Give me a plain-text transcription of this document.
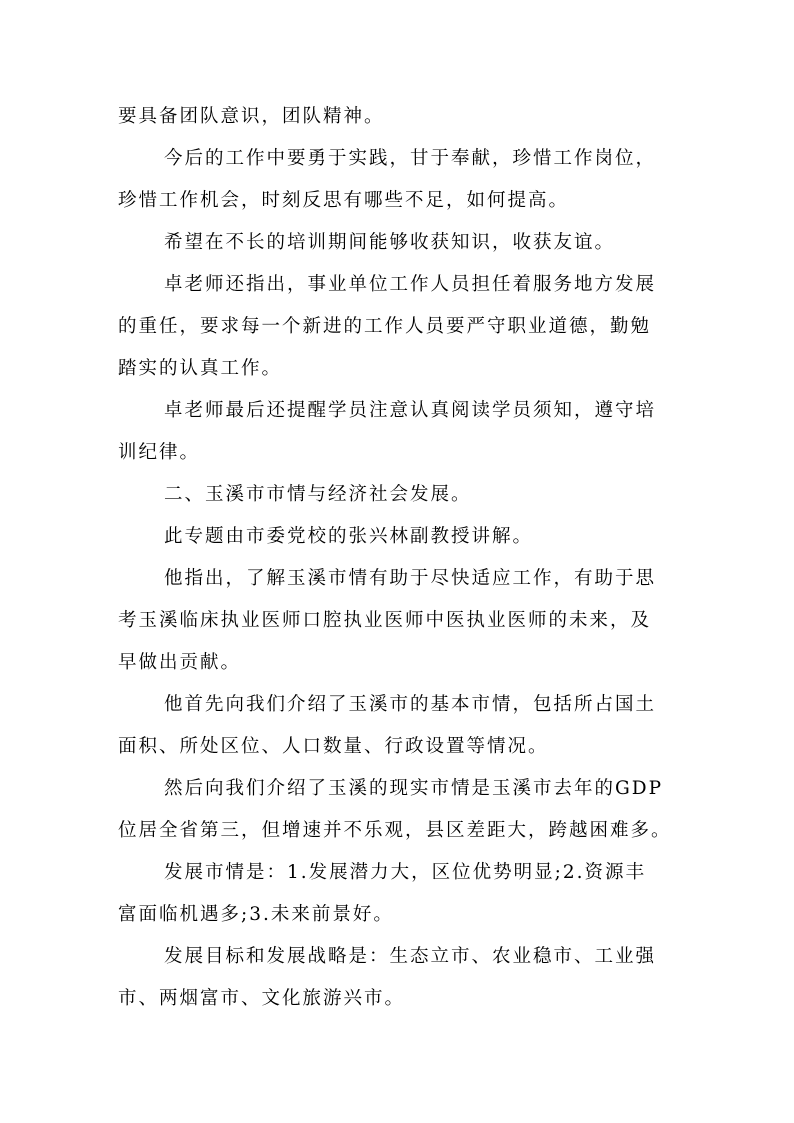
要具备团队意识，团队精神。
今后的工作中要勇于实践，甘于奉献，珍惜工作岗位，
珍惜工作机会，时刻反思有哪些不足，如何提高。
希望在不长的培训期间能够收获知识，收获友谊。
卓老师还指出，事业单位工作人员担任着服务地方发展
的重任，要求每一个新进的工作人员要严守职业道德，勤勉
踏实的认真工作。
卓老师最后还提醒学员注意认真阅读学员须知，遵守培
训纪律。
二、玉溪市市情与经济社会发展。
此专题由市委党校的张兴林副教授讲解。
他指出，了解玉溪市情有助于尽快适应工作，有助于思
考玉溪临床执业医师口腔执业医师中医执业医师的未来，及
早做出贡献。
他首先向我们介绍了玉溪市的基本市情，包括所占国土
面积、所处区位、人口数量、行政设置等情况。
然后向我们介绍了玉溪的现实市情是玉溪市去年的GDP
位居全省第三，但增速并不乐观，县区差距大，跨越困难多。
发展市情是：1.发展潜力大，区位优势明显;2.资源丰
富面临机遇多;3.未来前景好。
发展目标和发展战略是：生态立市、农业稳市、工业强
市、两烟富市、文化旅游兴市。
